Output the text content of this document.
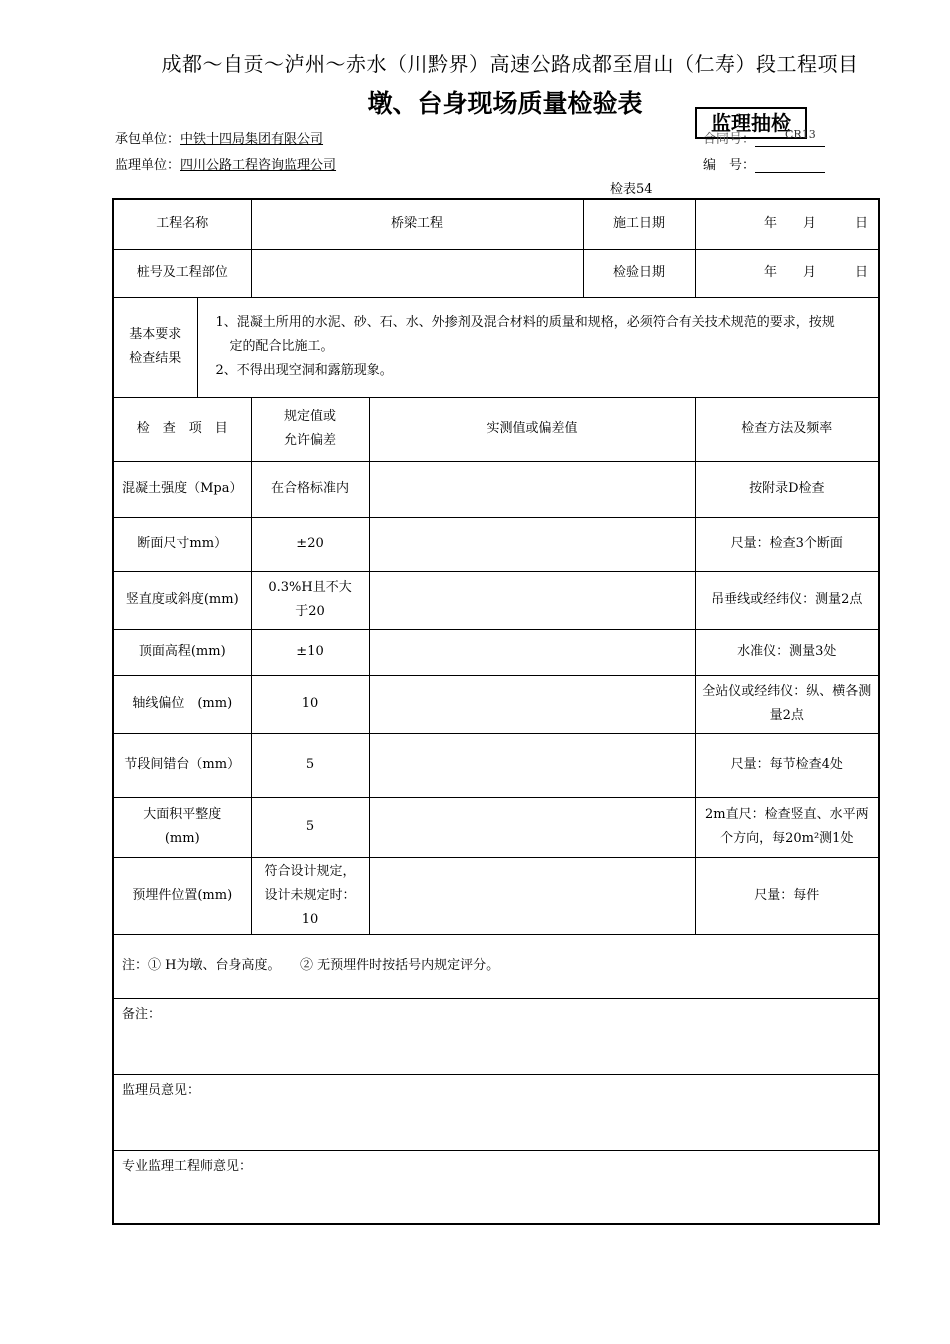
成都～自贡～泸州～赤水（川黔界）高速公路成都至眉山（仁寿）段工程项目
墩、台身现场质量检验表
监理抽检
承包单位：中铁十四局集团有限公司
监理单位：四川公路工程咨询监理公司
合同号：	CR13
编　号：
检表54
工程名称		桥梁工程		施工日期	年　　月　　　日
桩号及工程部位				检验日期	年　　月　　　日
基本要求检查结果	1、混凝土所用的水泥、砂、石、水、外掺剂及混合材料的质量和规格，必须符合有关技术规范的要求，按规
定的配合比施工。
2、不得出现空洞和露筋现象。				

检　查　项　目		规定值或
允许偏差	实测值或偏差值		检查方法及频率
混凝土强度（Mpa）		在合格标准内			按附录D检查
断面尺寸mm）		±20			尺量：检查3个断面
竖直度或斜度(mm)		0.3%H且不大于20			吊垂线或经纬仪：测量2点
顶面高程(mm)		±10			水准仪：测量3处
轴线偏位　(mm)		10			全站仪或经纬仪：纵、横各测量2点
节段间错台（mm）		5			尺量：每节检查4处
大面积平整度(mm)		5			2m直尺：检查竖直、水平两个方向，每20m²测1处
预埋件位置(mm)		符合设计规定，设计未规定时：10			尺量：每件
注：① H为墩、台身高度。　　② 无预埋件时按括号内规定评分。					
备注：					
监理员意见：					
专业监理工程师意见：					
